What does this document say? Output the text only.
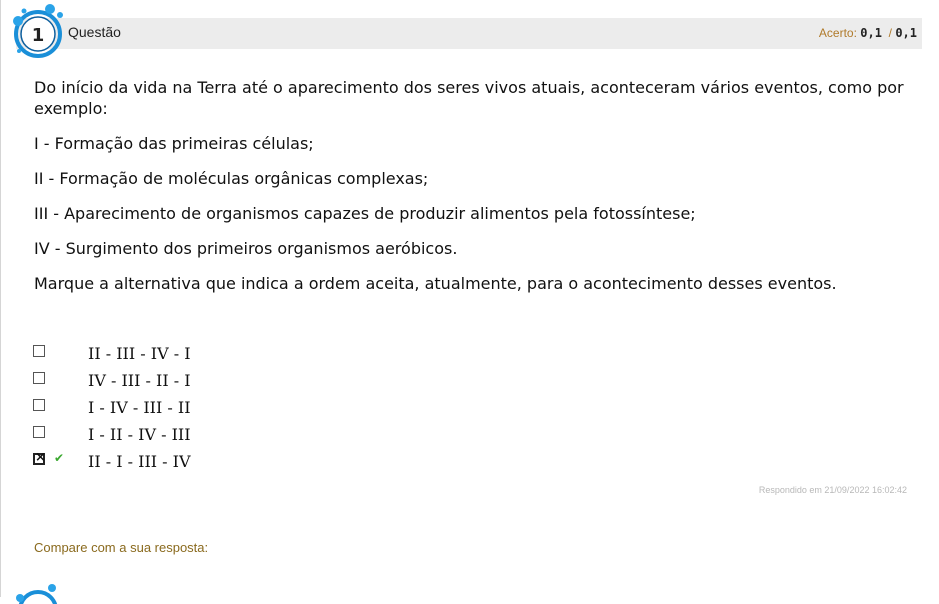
1 Questão	Acerto: 0,1 / 0,1

Do início da vida na Terra até o aparecimento dos seres vivos atuais, aconteceram vários eventos, como por exemplo:

I - Formação das primeiras células;

II - Formação de moléculas orgânicas complexas;

III - Aparecimento de organismos capazes de produzir alimentos pela fotossíntese;

IV - Surgimento dos primeiros organismos aeróbicos.

Marque a alternativa que indica a ordem aceita, atualmente, para o acontecimento desses eventos.

II - III - IV - I
IV - III - II - I
I - IV - III - II
I - II - IV - III
×
✔ II - I - III - IV
Respondido em 21/09/2022 16:02:42
Compare com a sua resposta:
